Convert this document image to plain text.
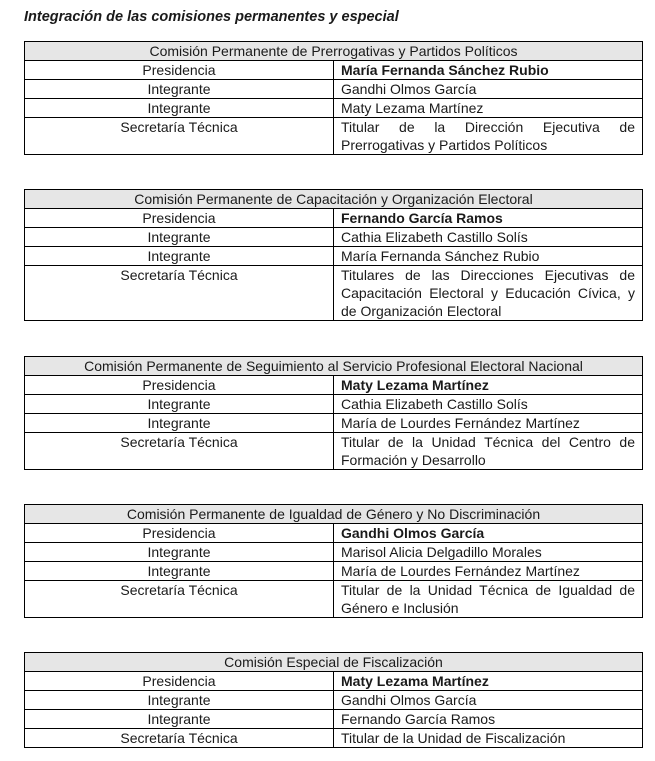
Integración de las comisiones permanentes y especial
Comisión Permanente de Prerrogativas y Partidos Políticos	
Presidencia	María Fernanda Sánchez Rubio
Integrante	Gandhi Olmos García
Integrante	Maty Lezama Martínez
Secretaría Técnica	Titular de la Dirección Ejecutiva de Prerrogativas y Partidos Políticos
Comisión Permanente de Capacitación y Organización Electoral	
Presidencia	Fernando García Ramos
Integrante	Cathia Elizabeth Castillo Solís
Integrante	María Fernanda Sánchez Rubio
Secretaría Técnica	Titulares de las Direcciones Ejecutivas de Capacitación Electoral y Educación Cívica, y de Organización Electoral
Comisión Permanente de Seguimiento al Servicio Profesional Electoral Nacional	
Presidencia	Maty Lezama Martínez
Integrante	Cathia Elizabeth Castillo Solís
Integrante	María de Lourdes Fernández Martínez
Secretaría Técnica	Titular de la Unidad Técnica del Centro de Formación y Desarrollo
Comisión Permanente de Igualdad de Género y No Discriminación	
Presidencia	Gandhi Olmos García
Integrante	Marisol Alicia Delgadillo Morales
Integrante	María de Lourdes Fernández Martínez
Secretaría Técnica	Titular de la Unidad Técnica de Igualdad de Género e Inclusión
Comisión Especial de Fiscalización	
Presidencia	Maty Lezama Martínez
Integrante	Gandhi Olmos García
Integrante	Fernando García Ramos
Secretaría Técnica	Titular de la Unidad de Fiscalización
